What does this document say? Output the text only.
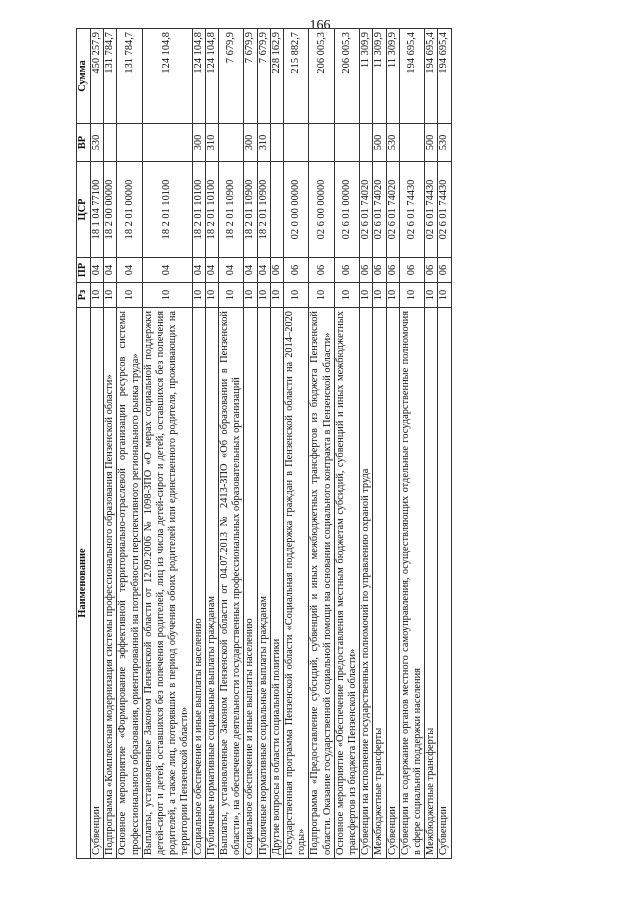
166
Наименование	Рз	ПР	ЦСР	ВР	Сумма
Субвенции	10	04	18 1 04 77100	530	450 257,9
Подпрограмма «Комплексная модернизация системы профессионального образования Пензенской области»	10	04	18 2 00 00000		131 784,7
Основное мероприятие «Формирование эффективной территориально-отраслевой организации ресурсов системы профессионального образования, ориентированной на потребности перспективного регионального рынка труда»	10	04	18 2 01 00000		131 784,7
Выплаты, установленные Законом Пензенской области от 12.09.2006 № 1098-ЗПО «О мерах социальной поддержки детей-сирот и детей, оставшихся без попечения родителей, лиц из числа детей-сирот и детей, оставшихся без попечения родителей, а также лиц, потерявших в период обучения обоих родителей или единственного родителя, проживающих на территории Пензенской области»	10	04	18 2 01 10100		124 104,8
Социальное обеспечение и иные выплаты населению	10	04	18 2 01 10100	300	124 104,8
Публичные нормативные социальные выплаты гражданам	10	04	18 2 01 10100	310	124 104,8
Выплаты, установленные Законом Пензенской области от 04.07.2013 № 2413-ЗПО «Об образовании в Пензенской области», на обеспечение деятельности государственных профессиональных образовательных организаций	10	04	18 2 01 10900		7 679,9
Социальное обеспечение и иные выплаты населению	10	04	18 2 01 10900	300	7 679,9
Публичные нормативные социальные выплаты гражданам	10	04	18 2 01 10900	310	7 679,9
Другие вопросы в области социальной политики	10	06			228 162,9
Государственная программа Пензенской области «Социальная поддержка граждан в Пензенской области на 2014–2020 годы»	10	06	02 0 00 00000		215 882,7
Подпрограмма «Предоставление субсидий, субвенций и иных межбюджетных трансфертов из бюджета Пензенской области. Оказание государственной социальной помощи на основании социального контракта в Пензенской области»	10	06	02 6 00 00000		206 005,3
Основное мероприятие «Обеспечение предоставления местным бюджетам субсидий, субвенций и иных межбюджетных трансфертов из бюджета Пензенской области»	10	06	02 6 01 00000		206 005,3
Субвенции на исполнение государственных полномочий по управлению охраной труда	10	06	02 6 01 74020		11 309,9
Межбюджетные трансферты	10	06	02 6 01 74020	500	11 309,9
Субвенции	10	06	02 6 01 74020	530	11 309,9
Субвенции на содержание органов местного самоуправления, осуществляющих отдельные государственные полномочия в сфере социальной поддержки населения	10	06	02 6 01 74430		194 695,4
Межбюджетные трансферты	10	06	02 6 01 74430	500	194 695,4
Субвенции	10	06	02 6 01 74430	530	194 695,4
